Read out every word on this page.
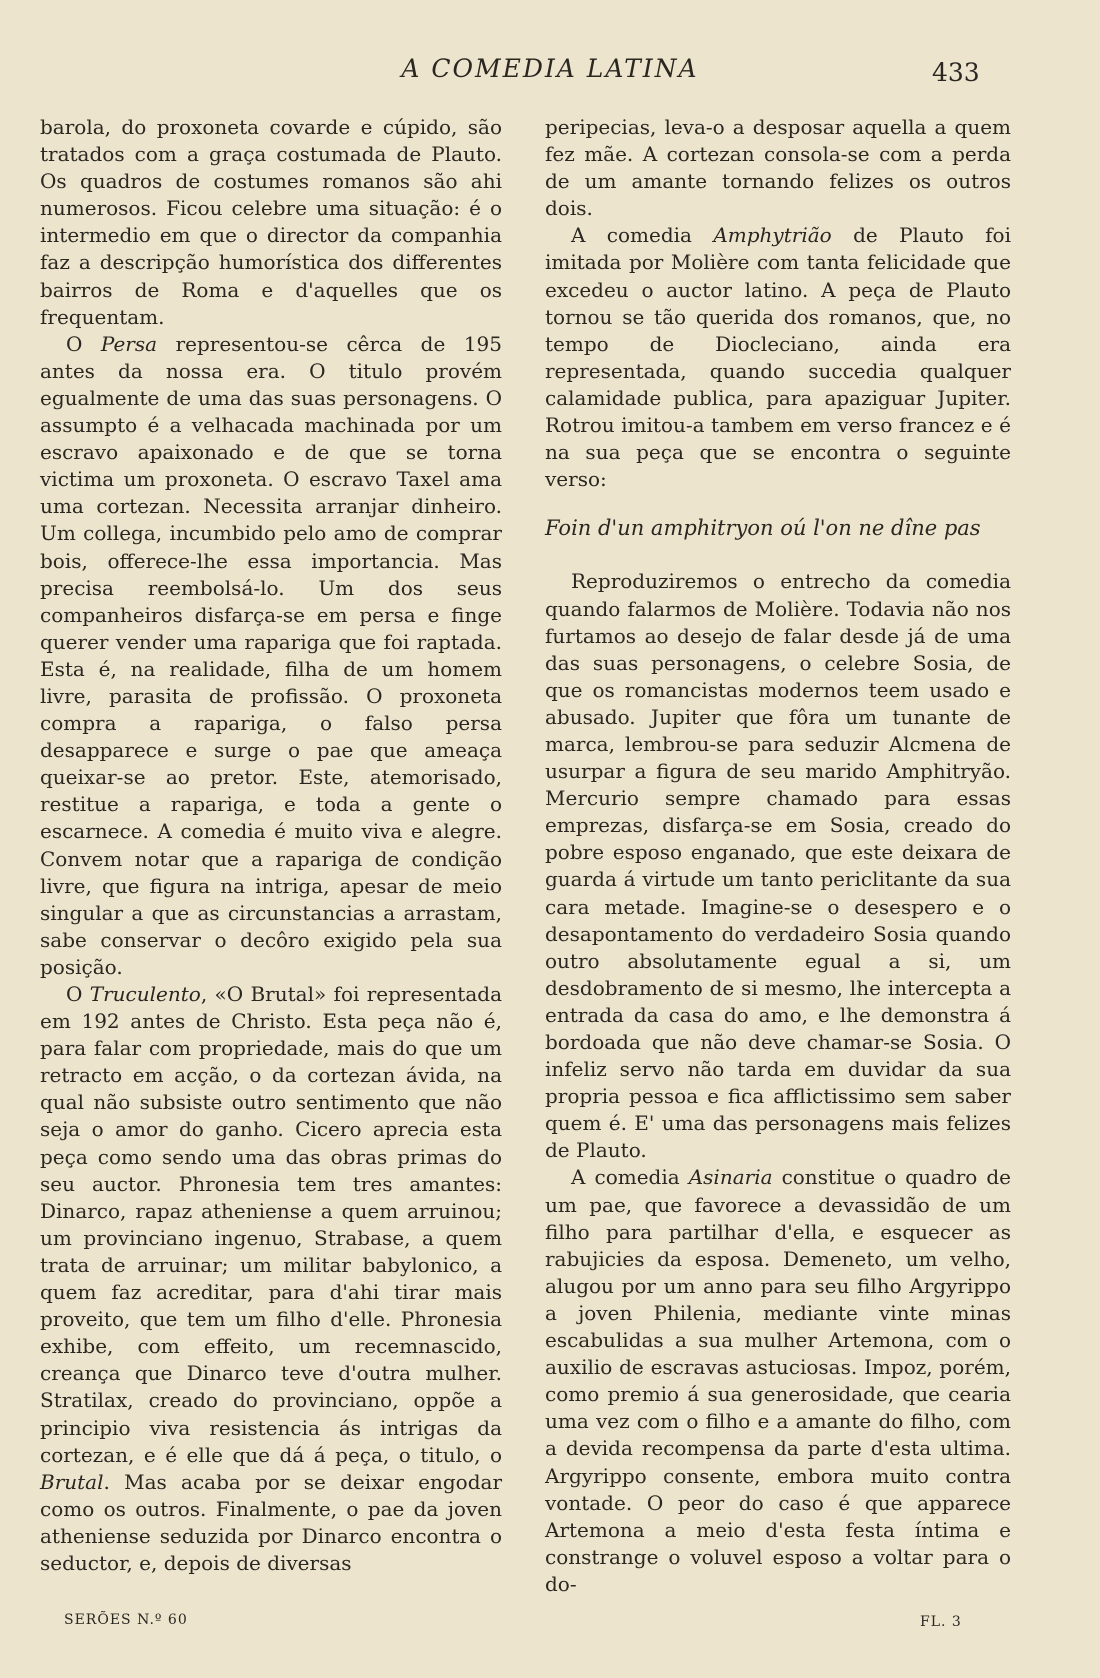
A COMEDIA LATINA	433

barola, do proxoneta covarde e cúpido, são tratados com a graça costumada de Plauto. Os quadros de costumes romanos são ahi numerosos. Ficou celebre uma situação: é o intermedio em que o director da companhia faz a descripção humorística dos differentes bairros de Roma e d'aquelles que os frequentam.

O Persa representou-se cêrca de 195 antes da nossa era. O titulo provém egualmente de uma das suas personagens. O assumpto é a velhacada machinada por um escravo apaixonado e de que se torna victima um proxoneta. O escravo Taxel ama uma cortezan. Necessita arranjar dinheiro. Um collega, incumbido pelo amo de comprar bois, offerece-lhe essa importancia. Mas precisa reembolsá-lo. Um dos seus companheiros disfarça-se em persa e finge querer vender uma rapariga que foi raptada. Esta é, na realidade, filha de um homem livre, parasita de profissão. O proxoneta compra a rapariga, o falso persa desapparece e surge o pae que ameaça queixar-se ao pretor. Este, atemorisado, restitue a rapariga, e toda a gente o escarnece. A comedia é muito viva e alegre. Convem notar que a rapariga de condição livre, que figura na intriga, apesar de meio singular a que as circunstancias a arrastam, sabe conservar o decôro exigido pela sua posição.

O Truculento, «O Brutal» foi representada em 192 antes de Christo. Esta peça não é, para falar com propriedade, mais do que um retracto em acção, o da cortezan ávida, na qual não subsiste outro sentimento que não seja o amor do ganho. Cicero aprecia esta peça como sendo uma das obras primas do seu auctor. Phronesia tem tres amantes: Dinarco, rapaz atheniense a quem arruinou; um provinciano ingenuo, Strabase, a quem trata de arruinar; um militar babylonico, a quem faz acreditar, para d'ahi tirar mais proveito, que tem um filho d'elle. Phronesia exhibe, com effeito, um recemnascido, creança que Dinarco teve d'outra mulher. Stratilax, creado do provinciano, oppõe a principio viva resistencia ás intrigas da cortezan, e é elle que dá á peça, o titulo, o Brutal. Mas acaba por se deixar engodar como os outros. Finalmente, o pae da joven atheniense seduzida por Dinarco encontra o seductor, e, depois de diversas

peripecias, leva-o a desposar aquella a quem fez mãe. A cortezan consola-se com a perda de um amante tornando felizes os outros dois.

A comedia Amphytrião de Plauto foi imitada por Molière com tanta felicidade que excedeu o auctor latino. A peça de Plauto tornou se tão querida dos romanos, que, no tempo de Diocleciano, ainda era representada, quando succedia qualquer calamidade publica, para apaziguar Jupiter. Rotrou imitou-a tambem em verso francez e é na sua peça que se encontra o seguinte verso:

Foin d'un amphitryon oú l'on ne dîne pas

Reproduziremos o entrecho da comedia quando falarmos de Molière. Todavia não nos furtamos ao desejo de falar desde já de uma das suas personagens, o celebre Sosia, de que os romancistas modernos teem usado e abusado. Jupiter que fôra um tunante de marca, lembrou-se para seduzir Alcmena de usurpar a figura de seu marido Amphitryão. Mercurio sempre chamado para essas emprezas, disfarça-se em Sosia, creado do pobre esposo enganado, que este deixara de guarda á virtude um tanto periclitante da sua cara metade. Imagine-se o desespero e o desapontamento do verdadeiro Sosia quando outro absolutamente egual a si, um desdobramento de si mesmo, lhe intercepta a entrada da casa do amo, e lhe demonstra á bordoada que não deve chamar-se Sosia. O infeliz servo não tarda em duvidar da sua propria pessoa e fica afflictissimo sem saber quem é. E' uma das personagens mais felizes de Plauto.

A comedia Asinaria constitue o quadro de um pae, que favorece a devassidão de um filho para partilhar d'ella, e esquecer as rabujicies da esposa. Demeneto, um velho, alugou por um anno para seu filho Argyrippo a joven Philenia, mediante vinte minas escabulidas a sua mulher Artemona, com o auxilio de escravas astuciosas. Impoz, porém, como premio á sua generosidade, que cearia uma vez com o filho e a amante do filho, com a devida recompensa da parte d'esta ultima. Argyrippo consente, embora muito contra vontade. O peor do caso é que apparece Artemona a meio d'esta festa íntima e constrange o voluvel esposo a voltar para o do-

SERÕES N.º 60	FL. 3
